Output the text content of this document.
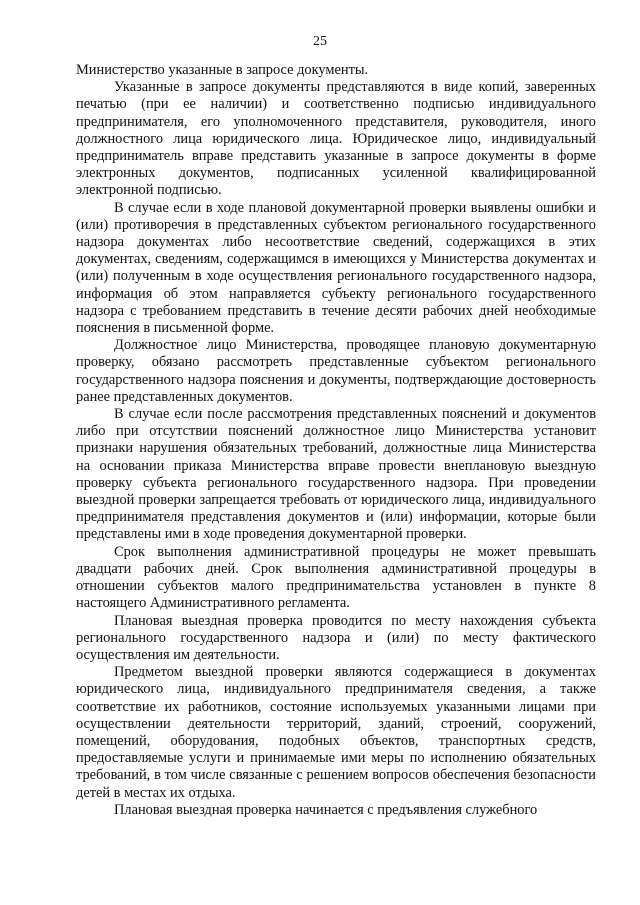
25

Министерство указанные в запросе документы.

Указанные в запросе документы представляются в виде копий, заверенных печатью (при ее наличии) и соответственно подписью индивидуального предпринимателя, его уполномоченного представителя, руководителя, иного должностного лица юридического лица. Юридическое лицо, индивидуальный предприниматель вправе представить указанные в запросе документы в форме электронных документов, подписанных усиленной квалифицированной электронной подписью.

В случае если в ходе плановой документарной проверки выявлены ошибки и (или) противоречия в представленных субъектом регионального государственного надзора документах либо несоответствие сведений, содержащихся в этих документах, сведениям, содержащимся в имеющихся у Министерства документах и (или) полученным в ходе осуществления регионального государственного надзора, информация об этом направляется субъекту регионального государственного надзора с требованием представить в течение десяти рабочих дней необходимые пояснения в письменной форме.

Должностное лицо Министерства, проводящее плановую документарную проверку, обязано рассмотреть представленные субъектом регионального государственного надзора пояснения и документы, подтверждающие достоверность ранее представленных документов.

В случае если после рассмотрения представленных пояснений и документов либо при отсутствии пояснений должностное лицо Министерства установит признаки нарушения обязательных требований, должностные лица Министерства на основании приказа Министерства вправе провести внеплановую выездную проверку субъекта регионального государственного надзора. При проведении выездной проверки запрещается требовать от юридического лица, индивидуального предпринимателя представления документов и (или) информации, которые были представлены ими в ходе проведения документарной проверки.

Срок выполнения административной процедуры не может превышать двадцати рабочих дней. Срок выполнения административной процедуры в отношении субъектов малого предпринимательства установлен в пункте 8 настоящего Административного регламента.

Плановая выездная проверка проводится по месту нахождения субъекта регионального государственного надзора и (или) по месту фактического осуществления им деятельности.

Предметом выездной проверки являются содержащиеся в документах юридического лица, индивидуального предпринимателя сведения, а также соответствие их работников, состояние используемых указанными лицами при осуществлении деятельности территорий, зданий, строений, сооружений, помещений, оборудования, подобных объектов, транспортных средств, предоставляемые услуги и принимаемые ими меры по исполнению обязательных требований, в том числе связанные с решением вопросов обеспечения безопасности детей в местах их отдыха.

Плановая выездная проверка начинается с предъявления служебного
